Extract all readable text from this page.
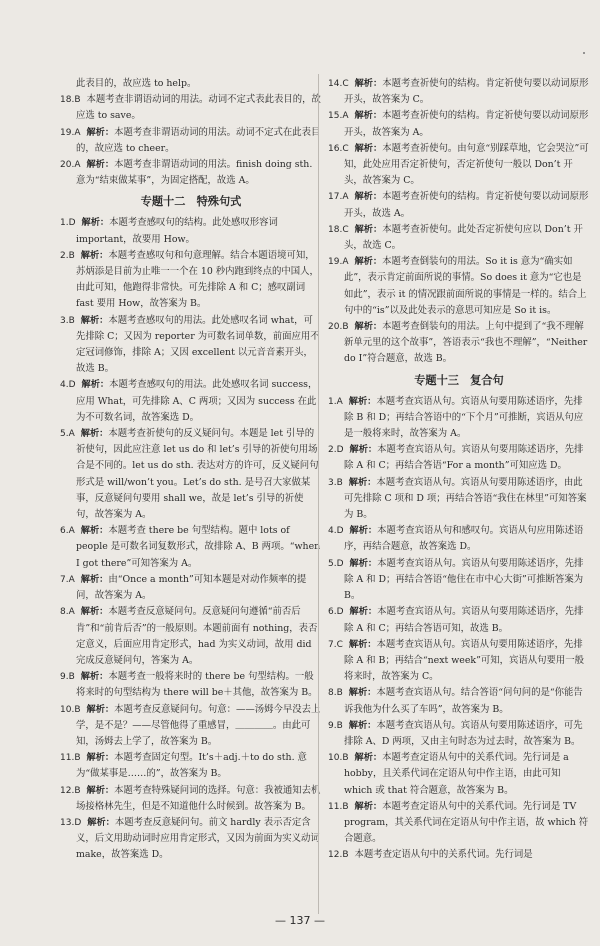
此表目的，故应选 to help。

18.B 本题考查非谓语动词的用法。动词不定式表此表目的，故应选 to save。

19.A 解析：本题考查非谓语动词的用法。动词不定式在此表目的，故应选 to cheer。

20.A 解析：本题考查非谓语动词的用法。finish doing sth. 意为“结束做某事”，为固定搭配，故选 A。

专题十二　特殊句式

1.D 解析：本题考查感叹句的结构。此处感叹形容词 important，故要用 How。

2.B 解析：本题考查感叹句和句意理解。结合本题语境可知，苏炳添是目前为止唯一一个在 10 秒内跑到终点的中国人，由此可知，他跑得非常快。可先排除 A 和 C；感叹副词 fast 要用 How，故答案为 B。

3.B 解析：本题考查感叹句的用法。此处感叹名词 what，可先排除 C；又因为 reporter 为可数名词单数，前面应用不定冠词修饰，排除 A；又因 excellent 以元音音素开头，故选 B。

4.D 解析：本题考查感叹句的用法。此处感叹名词 success，应用 What，可先排除 A、C 两项；又因为 success 在此为不可数名词，故答案选 D。

5.A 解析：本题考查祈使句的反义疑问句。本题是 let 引导的祈使句，因此应注意 let us do 和 let’s 引导的祈使句用场合是不同的。let us do sth. 表达对方的许可，反义疑问句形式是 will/won’t you。Let’s do sth. 是号召大家做某事，反意疑问句要用 shall we，故是 let’s 引导的祈使句，故答案为 A。

6.A 解析：本题考查 there be 句型结构。题中 lots of people 是可数名词复数形式，故排除 A、B 两项。“when I got there”可知答案为 A。

7.A 解析：由“Once a month”可知本题是对动作频率的提问，故答案为 A。

8.A 解析：本题考查反意疑问句。反意疑问句遵循“前否后肯”和“前肯后否”的一般原则。本题前面有 nothing，表否定意义，后面应用肯定形式，had 为实义动词，故用 did 完成反意疑问句，答案为 A。

9.B 解析：本题考查一般将来时的 there be 句型结构。一般将来时的句型结构为 there will be＋其他，故答案为 B。

10.B 解析：本题考查反意疑问句。句意：——汤姆今早没去上学，是不是？——尽管他得了重感冒，＿＿＿＿。由此可知，汤姆去上学了，故答案为 B。

11.B 解析：本题考查固定句型。It’s＋adj.＋to do sth. 意为“做某事是……的”，故答案为 B。

12.B 解析：本题考查特殊疑问词的选择。句意：我被通知去机场接格林先生，但是不知道他什么时候到。故答案为 B。

13.D 解析：本题考查反意疑问句。前文 hardly 表示否定含义，后文用助动词时应用肯定形式，又因为前面为实义动词 make，故答案选 D。

14.C 解析：本题考查祈使句的结构。肯定祈使句要以动词原形开头，故答案为 C。

15.A 解析：本题考查祈使句的结构。肯定祈使句要以动词原形开头，故答案为 A。

16.C 解析：本题考查祈使句。由句意“别踩草地，它会哭泣”可知，此处应用否定祈使句，否定祈使句一般以 Don’t 开头，故答案为 C。

17.A 解析：本题考查祈使句的结构。肯定祈使句要以动词原形开头，故选 A。

18.C 解析：本题考查祈使句。此处否定祈使句应以 Don’t 开头，故选 C。

19.A 解析：本题考查倒装句的用法。So it is 意为“确实如此”，表示肯定前面所说的事情。So does it 意为“它也是如此”，表示 it 的情况跟前面所说的事情是一样的。结合上句中的“is”以及此处表示的意思可知应是 So it is。

20.B 解析：本题考查倒装句的用法。上句中提到了“我不理解新单元里的这个故事”，答语表示“我也不理解”，“Neither do I”符合题意，故选 B。

专题十三　复合句

1.A 解析：本题考查宾语从句。宾语从句要用陈述语序，先排除 B 和 D；再结合答语中的“下个月”可推断，宾语从句应是一般将来时，故答案为 A。

2.D 解析：本题考查宾语从句。宾语从句要用陈述语序，先排除 A 和 C；再结合答语“For a month”可知应选 D。

3.B 解析：本题考查宾语从句。宾语从句要用陈述语序，由此可先排除 C 项和 D 项；再结合答语“我住在林里”可知答案为 B。

4.D 解析：本题考查宾语从句和感叹句。宾语从句应用陈述语序，再结合题意，故答案选 D。

5.D 解析：本题考查宾语从句。宾语从句要用陈述语序，先排除 A 和 D；再结合答语“他住在市中心大街”可推断答案为 B。

6.D 解析：本题考查宾语从句。宾语从句要用陈述语序，先排除 A 和 C；再结合答语可知，故选 B。

7.C 解析：本题考查宾语从句。宾语从句要用陈述语序，先排除 A 和 B；再结合“next week”可知，宾语从句要用一般将来时，故答案为 C。

8.B 解析：本题考查宾语从句。结合答语“问句问的是“你能告诉我他为什么买了车吗”，故答案为 B。

9.B 解析：本题考查宾语从句。宾语从句要用陈述语序，可先排除 A、D 两项，又由主句时态为过去时，故答案为 B。

10.B 解析：本题考查定语从句中的关系代词。先行词是 a hobby，且关系代词在定语从句中作主语，由此可知 which 或 that 符合题意，故答案为 B。

11.B 解析：本题考查定语从句中的关系代词。先行词是 TV program，其关系代词在定语从句中作主语，故 which 符合题意。

12.B 本题考查定语从句中的关系代词。先行词是

— 137 —
